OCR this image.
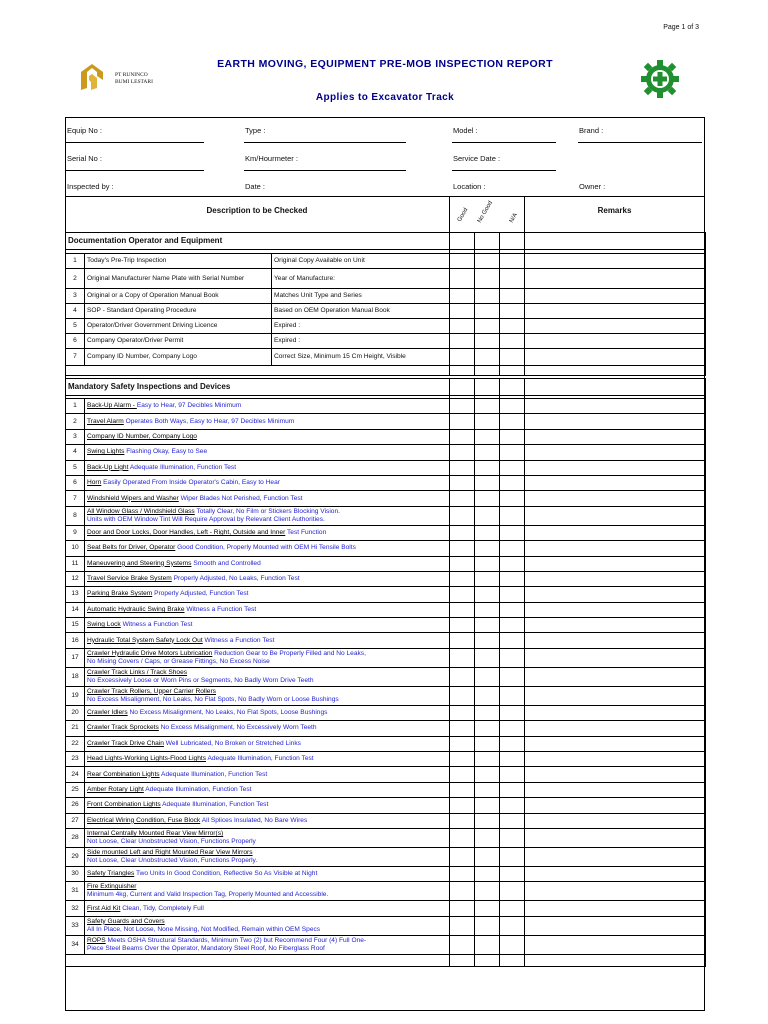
Page 1 of 3
PT RUNINCO
BUMI LESTARI
EARTH MOVING, EQUIPMENT PRE-MOB INSPECTION REPORT
Applies to Excavator Track
Equip No :	Type :	Model :	Brand :
Serial No :	Km/Hourmeter :	Service Date :
Inspected by :	Date :	Location :	Owner :
Description to be Checked	Remarks
Good No Good N/A
Documentation Operator and Equipment						

1	Today's Pre-Trip Inspection	Original Copy Available on Unit				
2	Original Manufacturer Name Plate with Serial Number	Year of Manufacture:				
3	Original or a Copy of Operation Manual Book	Matches Unit Type and Series				
4	SOP - Standard Operating Procedure	Based on OEM Operation Manual Book				
5	Operator/Driver Government Driving Licence	Expired :				
6	Company Operator/Driver Permit	Expired :				
7	Company ID Number, Company Logo	Correct Size, Minimum 15 Cm Height, Visible				

Mandatory Safety Inspections and Devices					

1	Back-Up Alarm - Easy to Hear, 97 Decibles Minimum				

2	Travel Alarm Operates Both Ways, Easy to Hear, 97 Decibles Minimum				

3	Company ID Number, Company Logo				

4	Swing Lights Flashing Okay, Easy to See				

5	Back-Up Light Adequate Illumination, Function Test				

6	Horn Easily Operated From Inside Operator's Cabin, Easy to Hear				

7	Windshield Wipers and Washer Wiper Blades Not Perished, Function Test				

8	All Window Glass / Windshield Glass Totally Clear, No Film or Stickers Blocking Vision.
Units with OEM Window Tint Will Require Approval by Relevant Client Authorities.				

9	Door and Door Locks, Door Handles, Left - Right, Outside and Inner Test Function				

10	Seat Belts for Driver, Operator Good Condition, Properly Mounted with OEM Hi Tensile Bolts				

11	Maneuvering and Steering Systems Smooth and Controlled				

12	Travel Service Brake System Properly Adjusted, No Leaks, Function Test				

13	Parking Brake System Properly Adjusted, Function Test				

14	Automatic Hydraulic Swing Brake Witness a Function Test				

15	Swing Lock Witness a Function Test				

16	Hydraulic Total System Safety Lock Out Witness a Function Test				

17	Crawler Hydraulic Drive Motors Lubrication Reduction Gear to Be Properly Filled and No Leaks,
No Mising Covers / Caps, or Grease Fittings, No Excess Noise				

18	Crawler Track Links / Track Shoes
No Excessively Loose or Worn Pins or Segments, No Badly Worn Drive Teeth				

19	Crawler Track Rollers, Upper Carrier Rollers
No Excess Misalignment, No Leaks, No Flat Spots, No Badly Worn or Loose Bushings				

20	Crawler Idlers No Excess Misalignment, No Leaks, No Flat Spots, Loose Bushings				

21	Crawler Track Sprockets No Excess Misalignment, No Excessively Worn Teeth				

22	Crawler Track Drive Chain Well Lubricated, No Broken or Stretched Links				

23	Head Lights-Working Lights-Flood Lights Adequate Illumination, Function Test				

24	Rear Combination Lights Adequate Illumination, Function Test				

25	Amber Rotary Light Adequate Illumination, Function Test				

26	Front Combination Lights Adequate Illumination, Function Test				

27	Electrical Wiring Condition, Fuse Block All Splices Insulated, No Bare Wires				

28	Internal Centrally Mounted Rear View Mirror(s)
Not Loose, Clear Unobstructed Vision, Functions Properly				

29	Side mounted Left and Right Mounted Rear View Mirrors
Not Loose, Clear Unobstructed Vision, Functions Properly.				

30	Safety Triangles Two Units In Good Condition, Reflective So As Visible at Night				

31	Fire Extinguisher
Minimum 4kg, Current and Valid Inspection Tag, Properly Mounted and Accessible.				

32	First Aid Kit Clean, Tidy, Completely Full				

33	Safety Guards and Covers
All In Place, Not Loose, None Missing, Not Modified, Remain within OEM Specs				

34	ROPS Meets OSHA Structural Standards, Minimum Two (2) but Recommend Four (4) Full One-
Piece Steel Beams Over the Operator, Mandatory Steel Roof, No Fiberglass Roof				
